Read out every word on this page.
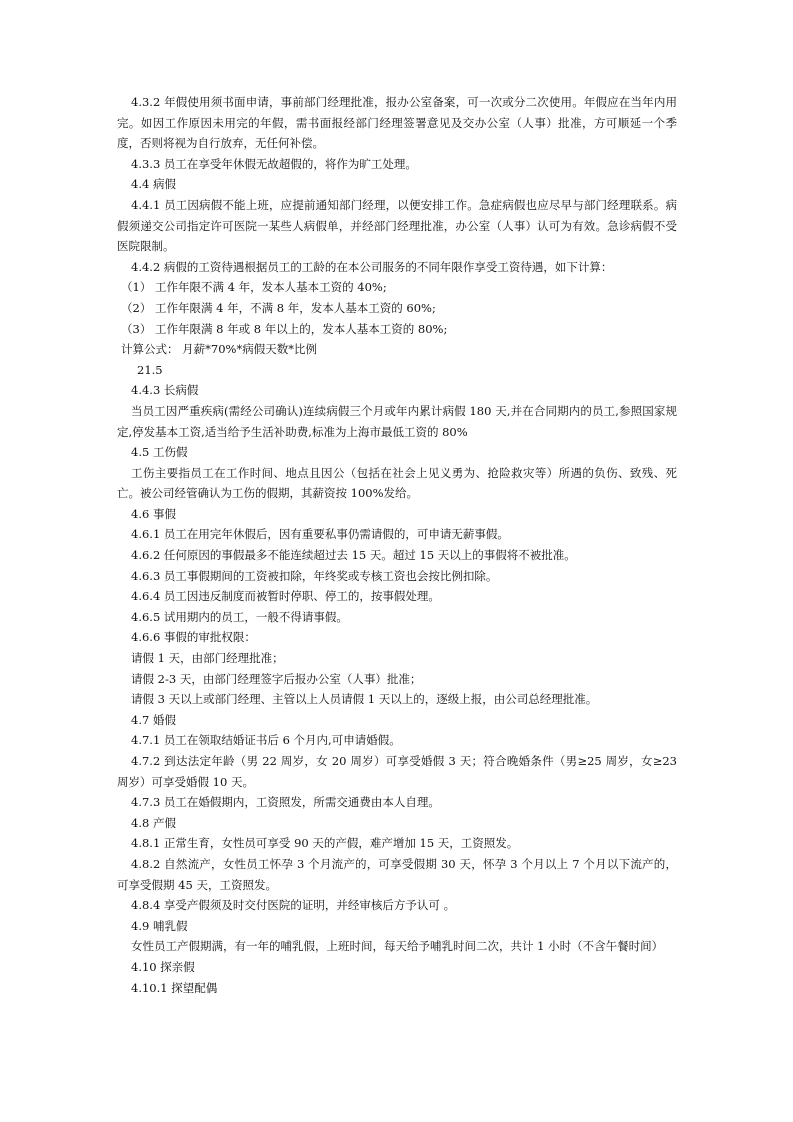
4.3.2 年假使用须书面申请，事前部门经理批准，报办公室备案，可一次或分二次使用。年假应在当年内用完。如因工作原因未用完的年假，需书面报经部门经理签署意见及交办公室（人事）批准，方可顺延一个季度，否则将视为自行放弃，无任何补偿。

4.3.3 员工在享受年休假无故超假的，将作为旷工处理。

4.4 病假

4.4.1 员工因病假不能上班，应提前通知部门经理，以便安排工作。急症病假也应尽早与部门经理联系。病假须递交公司指定许可医院一某些人病假单，并经部门经理批准，办公室（人事）认可为有效。急诊病假不受医院限制。

4.4.2 病假的工资待遇根据员工的工龄的在本公司服务的不同年限作享受工资待遇，如下计算：

（1） 工作年限不满 4 年，发本人基本工资的 40%;

（2） 工作年限满 4 年，不满 8 年，发本人基本工资的 60%;

（3） 工作年限满 8 年或 8 年以上的，发本人基本工资的 80%;

计算公式： 月薪*70%*病假天数*比例

21.5

4.4.3 长病假

当员工因严重疾病(需经公司确认)连续病假三个月或年内累计病假 180 天,并在合同期内的员工,参照国家规定,停发基本工资,适当给予生活补助费,标准为上海市最低工资的 80%

4.5 工伤假

工伤主要指员工在工作时间、地点且因公（包括在社会上见义勇为、抢险救灾等）所遇的负伤、致残、死亡。被公司经管确认为工伤的假期，其薪资按 100%发给。

4.6 事假

4.6.1 员工在用完年休假后，因有重要私事仍需请假的，可申请无薪事假。

4.6.2 任何原因的事假最多不能连续超过去 15 天。超过 15 天以上的事假将不被批准。

4.6.3 员工事假期间的工资被扣除，年终奖或专核工资也会按比例扣除。

4.6.4 员工因违反制度而被暂时停职、停工的，按事假处理。

4.6.5 试用期内的员工，一般不得请事假。

4.6.6 事假的审批权限：

请假 1 天，由部门经理批准；

请假 2-3 天，由部门经理签字后报办公室（人事）批准；

请假 3 天以上或部门经理、主管以上人员请假 1 天以上的，逐级上报，由公司总经理批准。

4.7 婚假

4.7.1 员工在领取结婚证书后 6 个月内,可申请婚假。

4.7.2 到达法定年龄（男 22 周岁，女 20 周岁）可享受婚假 3 天；符合晚婚条件（男≥25 周岁，女≥23 周岁）可享受婚假 10 天。

4.7.3 员工在婚假期内，工资照发，所需交通费由本人自理。

4.8 产假

4.8.1 正常生育，女性员可享受 90 天的产假，难产增加 15 天，工资照发。

4.8.2 自然流产，女性员工怀孕 3 个月流产的，可享受假期 30 天，怀孕 3 个月以上 7 个月以下流产的，可享受假期 45 天，工资照发。

4.8.4 享受产假须及时交付医院的证明，并经审核后方予认可 。

4.9 哺乳假

女性员工产假期满，有一年的哺乳假，上班时间，每天给予哺乳时间二次，共计 1 小时（不含午餐时间）

4.10 探亲假

4.10.1 探望配偶
